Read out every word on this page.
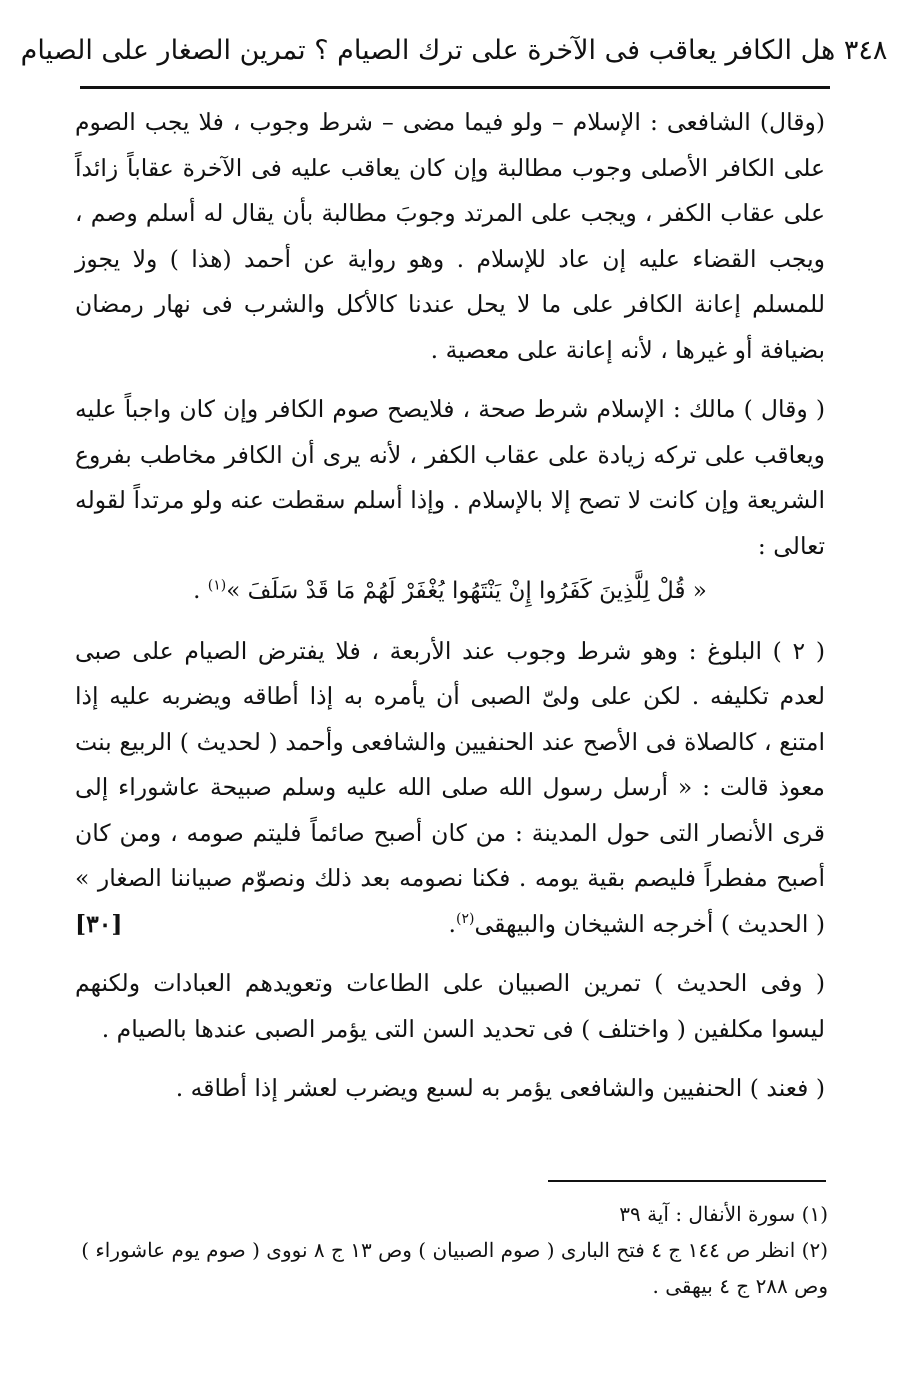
٣٤٨

هل الكافر يعاقب فى الآخرة على ترك الصيام ؟ تمرين الصغار على الصيام

(وقال) الشافعى : الإسلام – ولو فيما مضى – شرط وجوب ، فلا يجب الصوم على الكافر الأصلى وجوب مطالبة وإن كان يعاقب عليه فى الآخرة عقاباً زائداً على عقاب الكفر ، ويجب على المرتد وجوبَ مطالبة بأن يقال له أسلم وصم ، ويجب القضاء عليه إن عاد للإسلام . وهو رواية عن أحمد (هذا ) ولا يجوز للمسلم إعانة الكافر على ما لا يحل عندنا كالأكل والشرب فى نهار رمضان بضيافة أو غيرها ، لأنه إعانة على معصية .

( وقال ) مالك : الإسلام شرط صحة ، فلايصح صوم الكافر وإن كان واجباً عليه ويعاقب على تركه زيادة على عقاب الكفر ، لأنه يرى أن الكافر مخاطب بفروع الشريعة وإن كانت لا تصح إلا بالإسلام . وإذا أسلم سقطت عنه ولو مرتداً لقوله تعالى :

« قُلْ لِلَّذِينَ كَفَرُوا إِنْ يَنْتَهُوا يُغْفَرْ لَهُمْ مَا قَدْ سَلَفَ »$^{(١)}$ .

( ٢ ) البلوغ : وهو شرط وجوب عند الأربعة ، فلا يفترض الصيام على صبى لعدم تكليفه . لكن على ولىّ الصبى أن يأمره به إذا أطاقه ويضربه عليه إذا امتنع ، كالصلاة فى الأصح عند الحنفيين والشافعى وأحمد ( لحديث ) الربيع بنت معوذ قالت : « أرسل رسول الله صلى الله عليه وسلم صبيحة عاشوراء إلى قرى الأنصار التى حول المدينة : من كان أصبح صائماً فليتم صومه ، ومن كان أصبح مفطراً فليصم بقية يومه . فكنا نصومه بعد ذلك ونصوّم صبياننا الصغار » ( الحديث ) أخرجه الشيخان والبيهقى$^{(٢)}$.
[٣٠]

( وفى الحديث ) تمرين الصبيان على الطاعات وتعويدهم العبادات ولكنهم ليسوا مكلفين ( واختلف ) فى تحديد السن التى يؤمر الصبى عندها بالصيام .

( فعند ) الحنفيين والشافعى يؤمر به لسبع ويضرب لعشر إذا أطاقه .

(١) سورة الأنفال : آية ٣٩

(٢) انظر ص ١٤٤ ج ٤ فتح البارى ( صوم الصبيان ) وص ١٣ ج ٨ نووى ( صوم يوم عاشوراء ) وص ٢٨٨ ج ٤ بيهقى .
